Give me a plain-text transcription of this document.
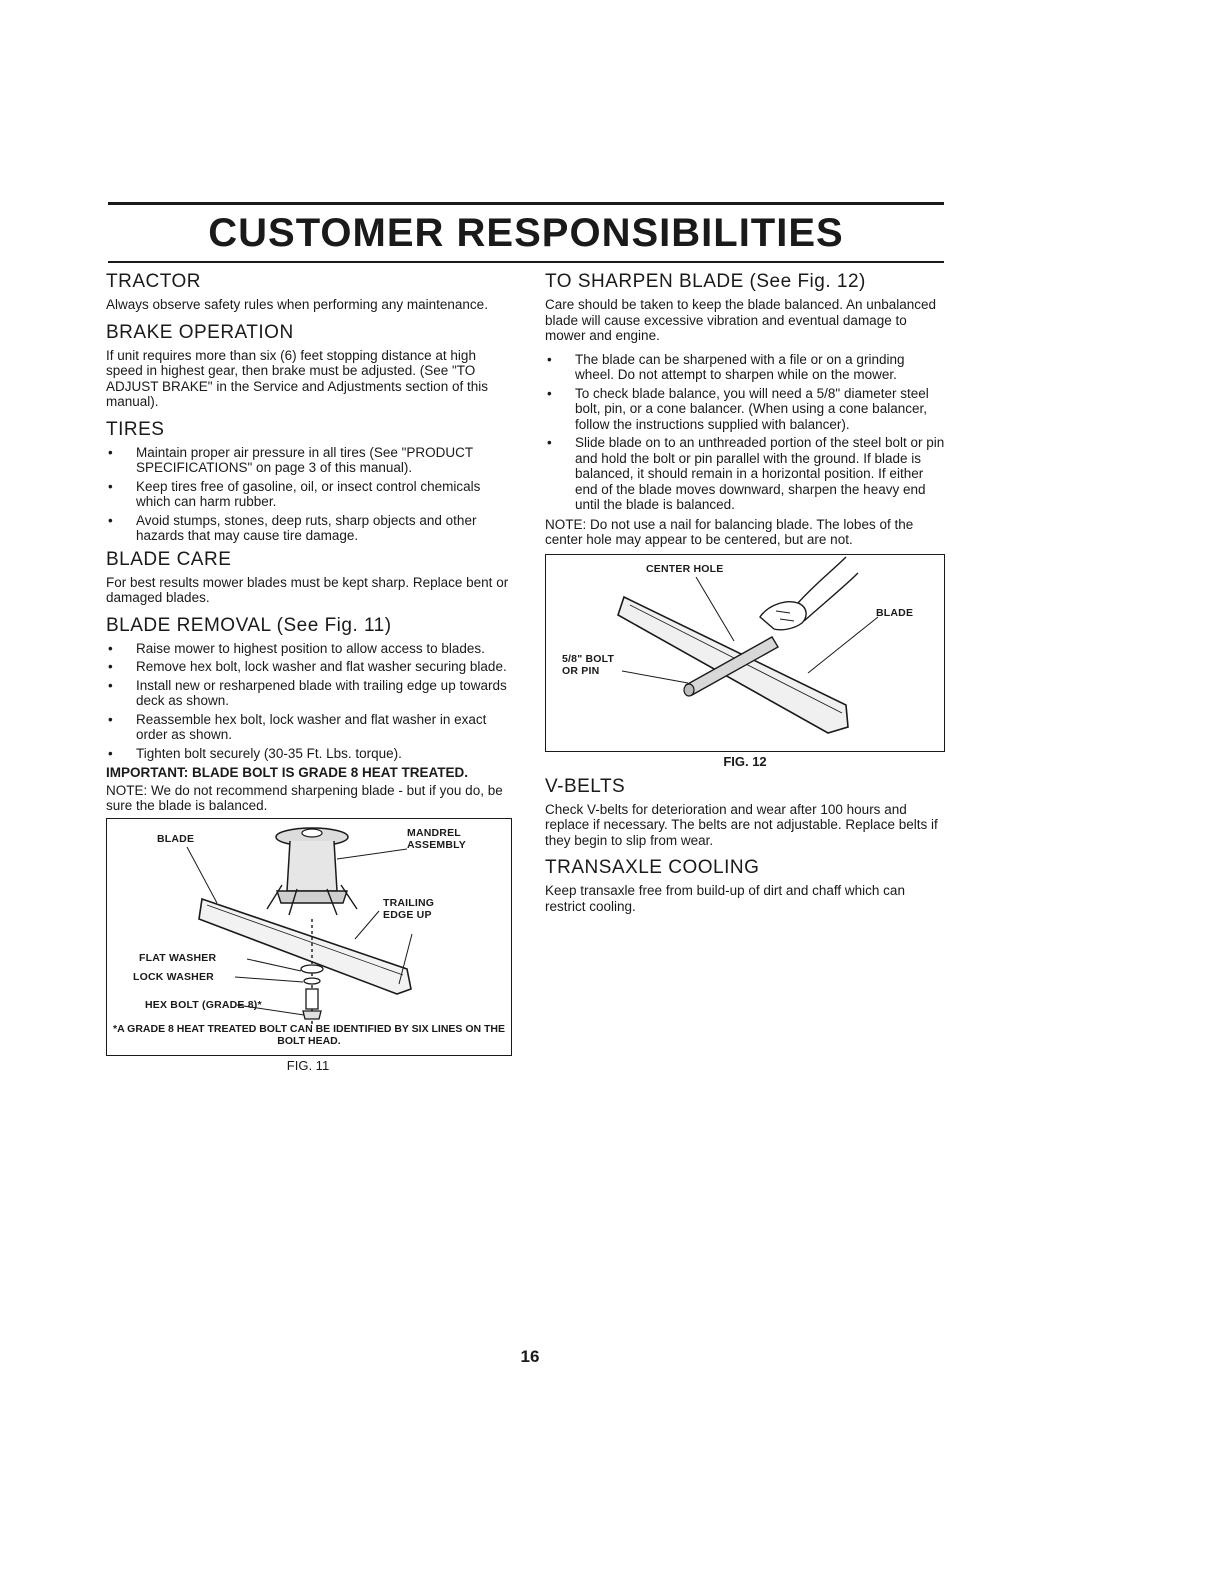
CUSTOMER RESPONSIBILITIES
TRACTOR

Always observe safety rules when performing any maintenance.

BRAKE OPERATION

If unit requires more than six (6) feet stopping distance at high speed in highest gear, then brake must be adjusted. (See "TO ADJUST BRAKE" in the Service and Adjustments section of this manual).

TIRES
• Maintain proper air pressure in all tires (See "PRODUCT SPECIFICATIONS" on page 3 of this manual).
• Keep tires free of gasoline, oil, or insect control chemicals which can harm rubber.
• Avoid stumps, stones, deep ruts, sharp objects and other hazards that may cause tire damage.
BLADE CARE

For best results mower blades must be kept sharp. Replace bent or damaged blades.

BLADE REMOVAL (See Fig. 11)
• Raise mower to highest position to allow access to blades.
• Remove hex bolt, lock washer and flat washer securing blade.
• Install new or resharpened blade with trailing edge up towards deck as shown.
• Reassemble hex bolt, lock washer and flat washer in exact order as shown.
• Tighten bolt securely (30-35 Ft. Lbs. torque).

IMPORTANT: BLADE BOLT IS GRADE 8 HEAT TREATED.

NOTE: We do not recommend sharpening blade - but if you do, be sure the blade is balanced.

BLADE	MANDREL ASSEMBLY
TRAILING EDGE UP
FLAT WASHER
LOCK WASHER
HEX BOLT (GRADE 8)*
*A GRADE 8 HEAT TREATED BOLT CAN BE IDENTIFIED BY SIX LINES ON THE BOLT HEAD.
FIG. 11
TO SHARPEN BLADE (See Fig. 12)

Care should be taken to keep the blade balanced. An unbalanced blade will cause excessive vibration and eventual damage to mower and engine.

• The blade can be sharpened with a file or on a grinding wheel. Do not attempt to sharpen while on the mower.
• To check blade balance, you will need a 5/8" diameter steel bolt, pin, or a cone balancer. (When using a cone balancer, follow the instructions supplied with balancer).
• Slide blade on to an unthreaded portion of the steel bolt or pin and hold the bolt or pin parallel with the ground. If blade is balanced, it should remain in a horizontal position. If either end of the blade moves downward, sharpen the heavy end until the blade is balanced.

NOTE: Do not use a nail for balancing blade. The lobes of the center hole may appear to be centered, but are not.

CENTER HOLE
5/8" BOLT OR PIN
BLADE
FIG. 12
V-BELTS

Check V-belts for deterioration and wear after 100 hours and replace if necessary. The belts are not adjustable. Replace belts if they begin to slip from wear.

TRANSAXLE COOLING

Keep transaxle free from build-up of dirt and chaff which can restrict cooling.

16
